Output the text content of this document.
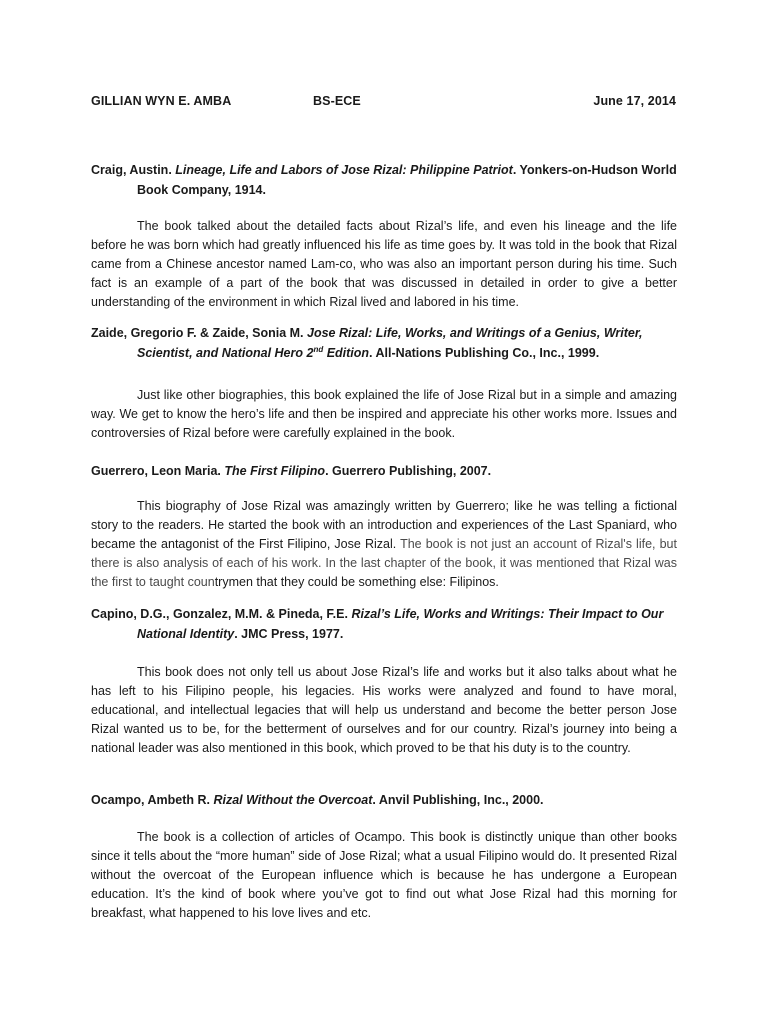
GILLIAN WYN E. AMBA	BS-ECE	June 17, 2014

Craig, Austin. Lineage, Life and Labors of Jose Rizal: Philippine Patriot. Yonkers-on-Hudson World Book Company, 1914.

The book talked about the detailed facts about Rizal’s life, and even his lineage and the life before he was born which had greatly influenced his life as time goes by. It was told in the book that Rizal came from a Chinese ancestor named Lam-co, who was also an important person during his time. Such fact is an example of a part of the book that was discussed in detailed in order to give a better understanding of the environment in which Rizal lived and labored in his time.

Zaide, Gregorio F. & Zaide, Sonia M. Jose Rizal: Life, Works, and Writings of a Genius, Writer, Scientist, and National Hero 2nd Edition. All-Nations Publishing Co., Inc., 1999.

Just like other biographies, this book explained the life of Jose Rizal but in a simple and amazing way. We get to know the hero’s life and then be inspired and appreciate his other works more. Issues and controversies of Rizal before were carefully explained in the book.

Guerrero, Leon Maria. The First Filipino. Guerrero Publishing, 2007.

This biography of Jose Rizal was amazingly written by Guerrero; like he was telling a fictional story to the readers. He started the book with an introduction and experiences of the Last Spaniard, who became the antagonist of the First Filipino, Jose Rizal. The book is not just an account of Rizal's life, but there is also analysis of each of his work. In the last chapter of the book, it was mentioned that Rizal was the first to taught countrymen that they could be something else: Filipinos.

Capino, D.G., Gonzalez, M.M. & Pineda, F.E. Rizal’s Life, Works and Writings: Their Impact to Our National Identity. JMC Press, 1977.

This book does not only tell us about Jose Rizal’s life and works but it also talks about what he has left to his Filipino people, his legacies. His works were analyzed and found to have moral, educational, and intellectual legacies that will help us understand and become the better person Jose Rizal wanted us to be, for the betterment of ourselves and for our country. Rizal’s journey into being a national leader was also mentioned in this book, which proved to be that his duty is to the country.

Ocampo, Ambeth R. Rizal Without the Overcoat. Anvil Publishing, Inc., 2000.

The book is a collection of articles of Ocampo. This book is distinctly unique than other books since it tells about the “more human” side of Jose Rizal; what a usual Filipino would do. It presented Rizal without the overcoat of the European influence which is because he has undergone a European education. It’s the kind of book where you’ve got to find out what Jose Rizal had this morning for breakfast, what happened to his love lives and etc.
